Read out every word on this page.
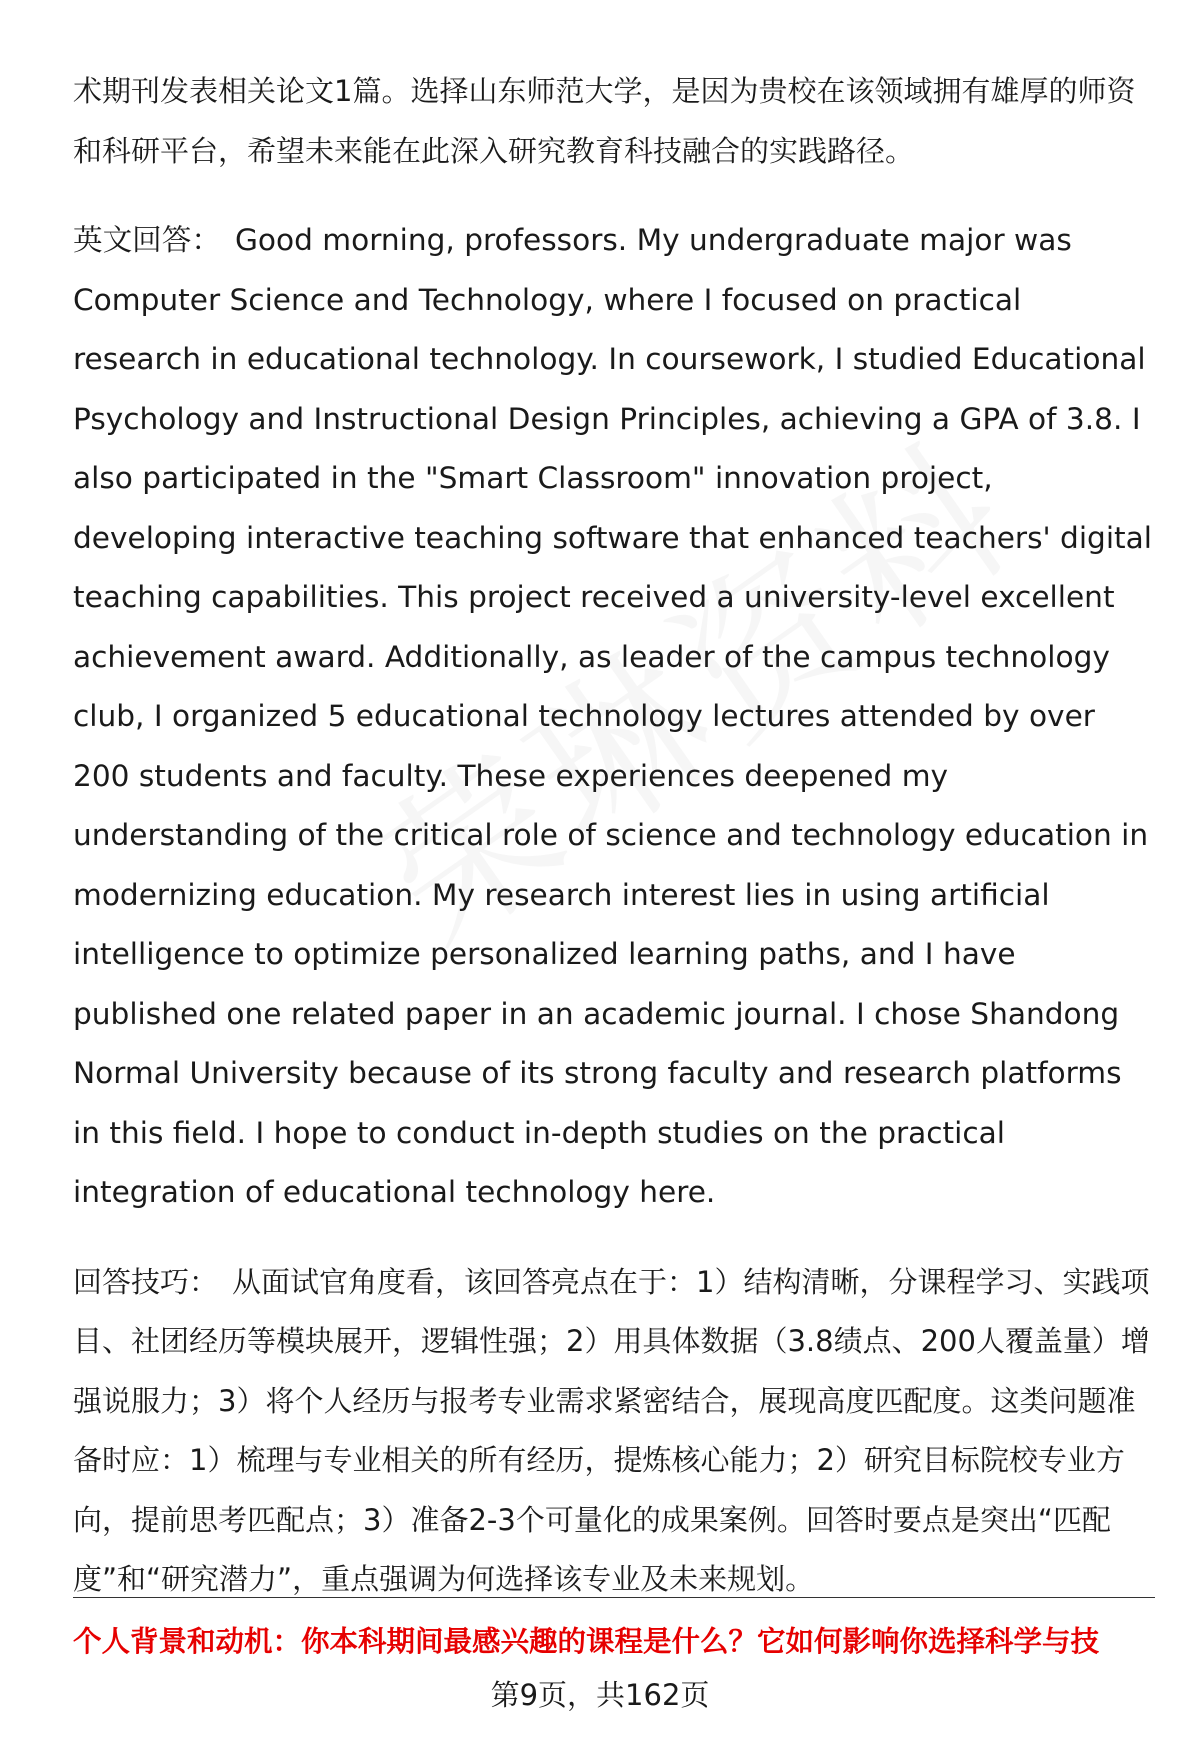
术期刊发表相关论文1篇。选择山东师范大学，是因为贵校在该领域拥有雄厚的师资和科研平台，希望未来能在此深入研究教育科技融合的实践路径。

英文回答： Good morning, professors. My undergraduate major was Computer Science and Technology, where I focused on practical research in educational technology. In coursework, I studied Educational Psychology and Instructional Design Principles, achieving a GPA of 3.8. I also participated in the "Smart Classroom" innovation project, developing interactive teaching software that enhanced teachers' digital teaching capabilities. This project received a university-level excellent achievement award. Additionally, as leader of the campus technology club, I organized 5 educational technology lectures attended by over 200 students and faculty. These experiences deepened my understanding of the critical role of science and technology education in modernizing education. My research interest lies in using artificial intelligence to optimize personalized learning paths, and I have published one related paper in an academic journal. I chose Shandong Normal University because of its strong faculty and research platforms in this field. I hope to conduct in-depth studies on the practical integration of educational technology here.

回答技巧： 从面试官角度看，该回答亮点在于：1）结构清晰，分课程学习、实践项目、社团经历等模块展开，逻辑性强；2）用具体数据（3.8绩点、200人覆盖量）增强说服力；3）将个人经历与报考专业需求紧密结合，展现高度匹配度。这类问题准备时应：1）梳理与专业相关的所有经历，提炼核心能力；2）研究目标院校专业方向，提前思考匹配点；3）准备2-3个可量化的成果案例。回答时要点是突出“匹配度”和“研究潜力”，重点强调为何选择该专业及未来规划。

个人背景和动机：你本科期间最感兴趣的课程是什么？它如何影响你选择科学与技
第9页，共162页
